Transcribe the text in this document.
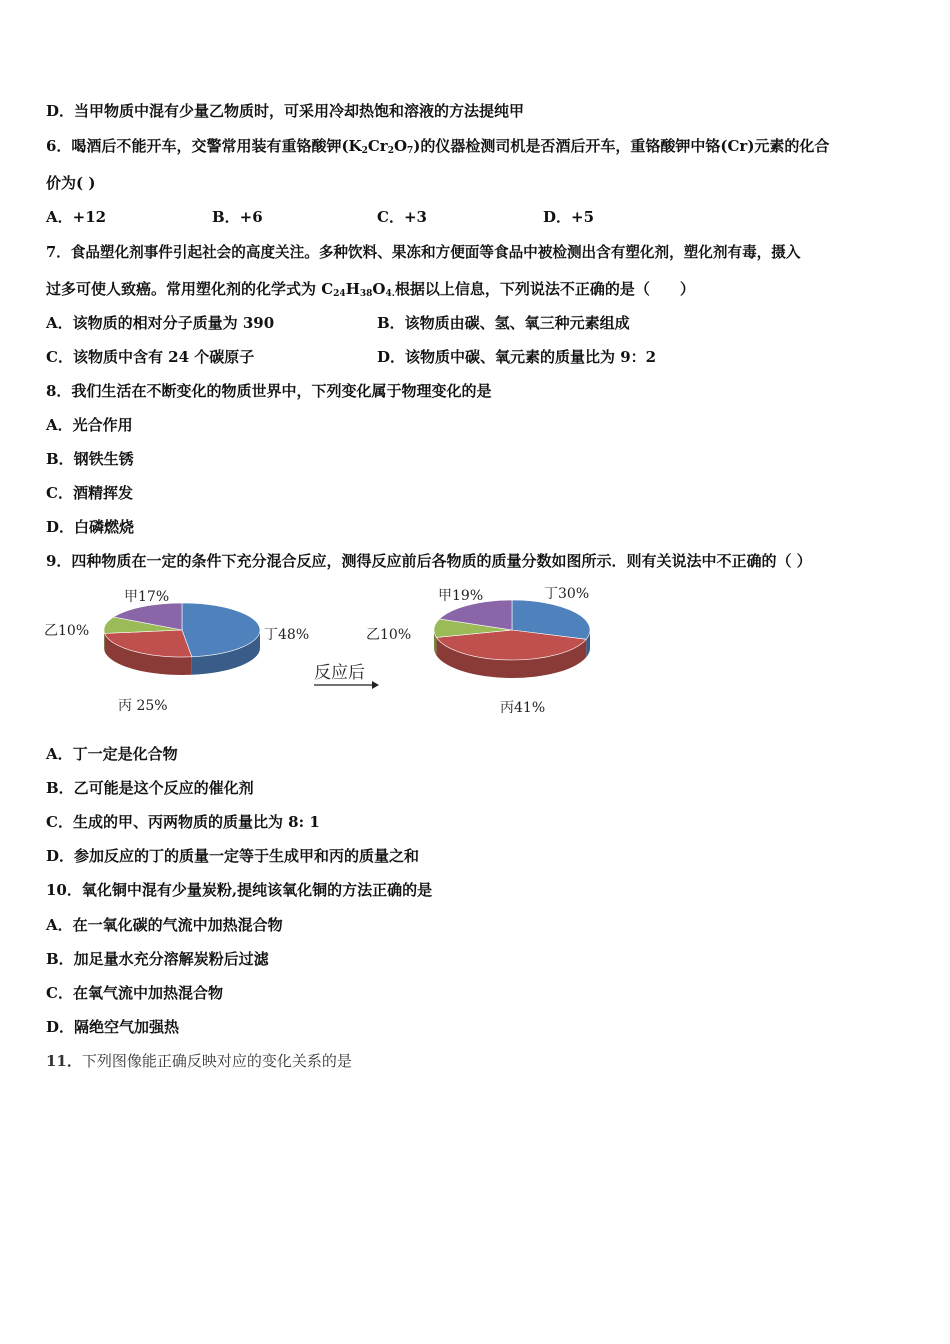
D．当甲物质中混有少量乙物质时，可采用冷却热饱和溶液的方法提纯甲
6．喝酒后不能开车，交警常用装有重铬酸钾$(K_2Cr_2O_7)$的仪器检测司机是否酒后开车，重铬酸钾中铬(Cr)元素的化合
价为( )
A．+12	B．+6	C．+3	D．+5
7．食品塑化剂事件引起社会的高度关注。多种饮料、果冻和方便面等食品中被检测出含有塑化剂，塑化剂有毒，摄入
过多可使人致癌。常用塑化剂的化学式为 $C_{24}H_{38}O_{4.}$根据以上信息，下列说法不正确的是（　　）
A．该物质的相对分子质量为 390	B．该物质由碳、氢、氧三种元素组成
C．该物质中含有 24 个碳原子	D．该物质中碳、氧元素的质量比为 9：2
8．我们生活在不断变化的物质世界中，下列变化属于物理变化的是
A．光合作用
B．钢铁生锈
C．酒精挥发
D．白磷燃烧
9．四种物质在一定的条件下充分混合反应，测得反应前后各物质的质量分数如图所示．则有关说法中不正确的（ ）
甲17%
乙10%
丙 25%
丁48%
甲19%
乙10%
丙41%
丁30%
反应后
A．丁一定是化合物
B．乙可能是这个反应的催化剂
C．生成的甲、丙两物质的质量比为 8: 1
D．参加反应的丁的质量一定等于生成甲和丙的质量之和
10．氧化铜中混有少量炭粉,提纯该氧化铜的方法正确的是
A．在一氧化碳的气流中加热混合物
B．加足量水充分溶解炭粉后过滤
C．在氧气流中加热混合物
D．隔绝空气加强热
11．下列图像能正确反映对应的变化关系的是
